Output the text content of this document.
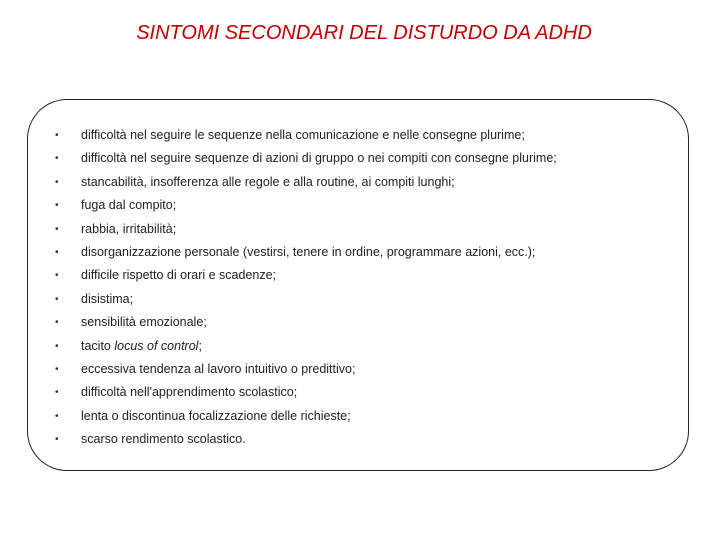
SINTOMI SECONDARI DEL DISTURDO DA ADHD
• difficoltà nel seguire le sequenze nella comunicazione e nelle consegne plurime;
• difficoltà nel seguire sequenze di azioni di gruppo o nei compiti con consegne plurime;
• stancabilità, insofferenza alle regole e alla routine, ai compiti lunghi;
• fuga dal compito;
• rabbia, irritabilità;
• disorganizzazione personale (vestirsi, tenere in ordine, programmare azioni, ecc.);
• difficile rispetto di orari e scadenze;
• disistima;
• sensibilità emozionale;
• tacito locus of control;
• eccessiva tendenza al lavoro intuitivo o predittivo;
• difficoltà nell'apprendimento scolastico;
• lenta o discontinua focalizzazione delle richieste;
• scarso rendimento scolastico.
